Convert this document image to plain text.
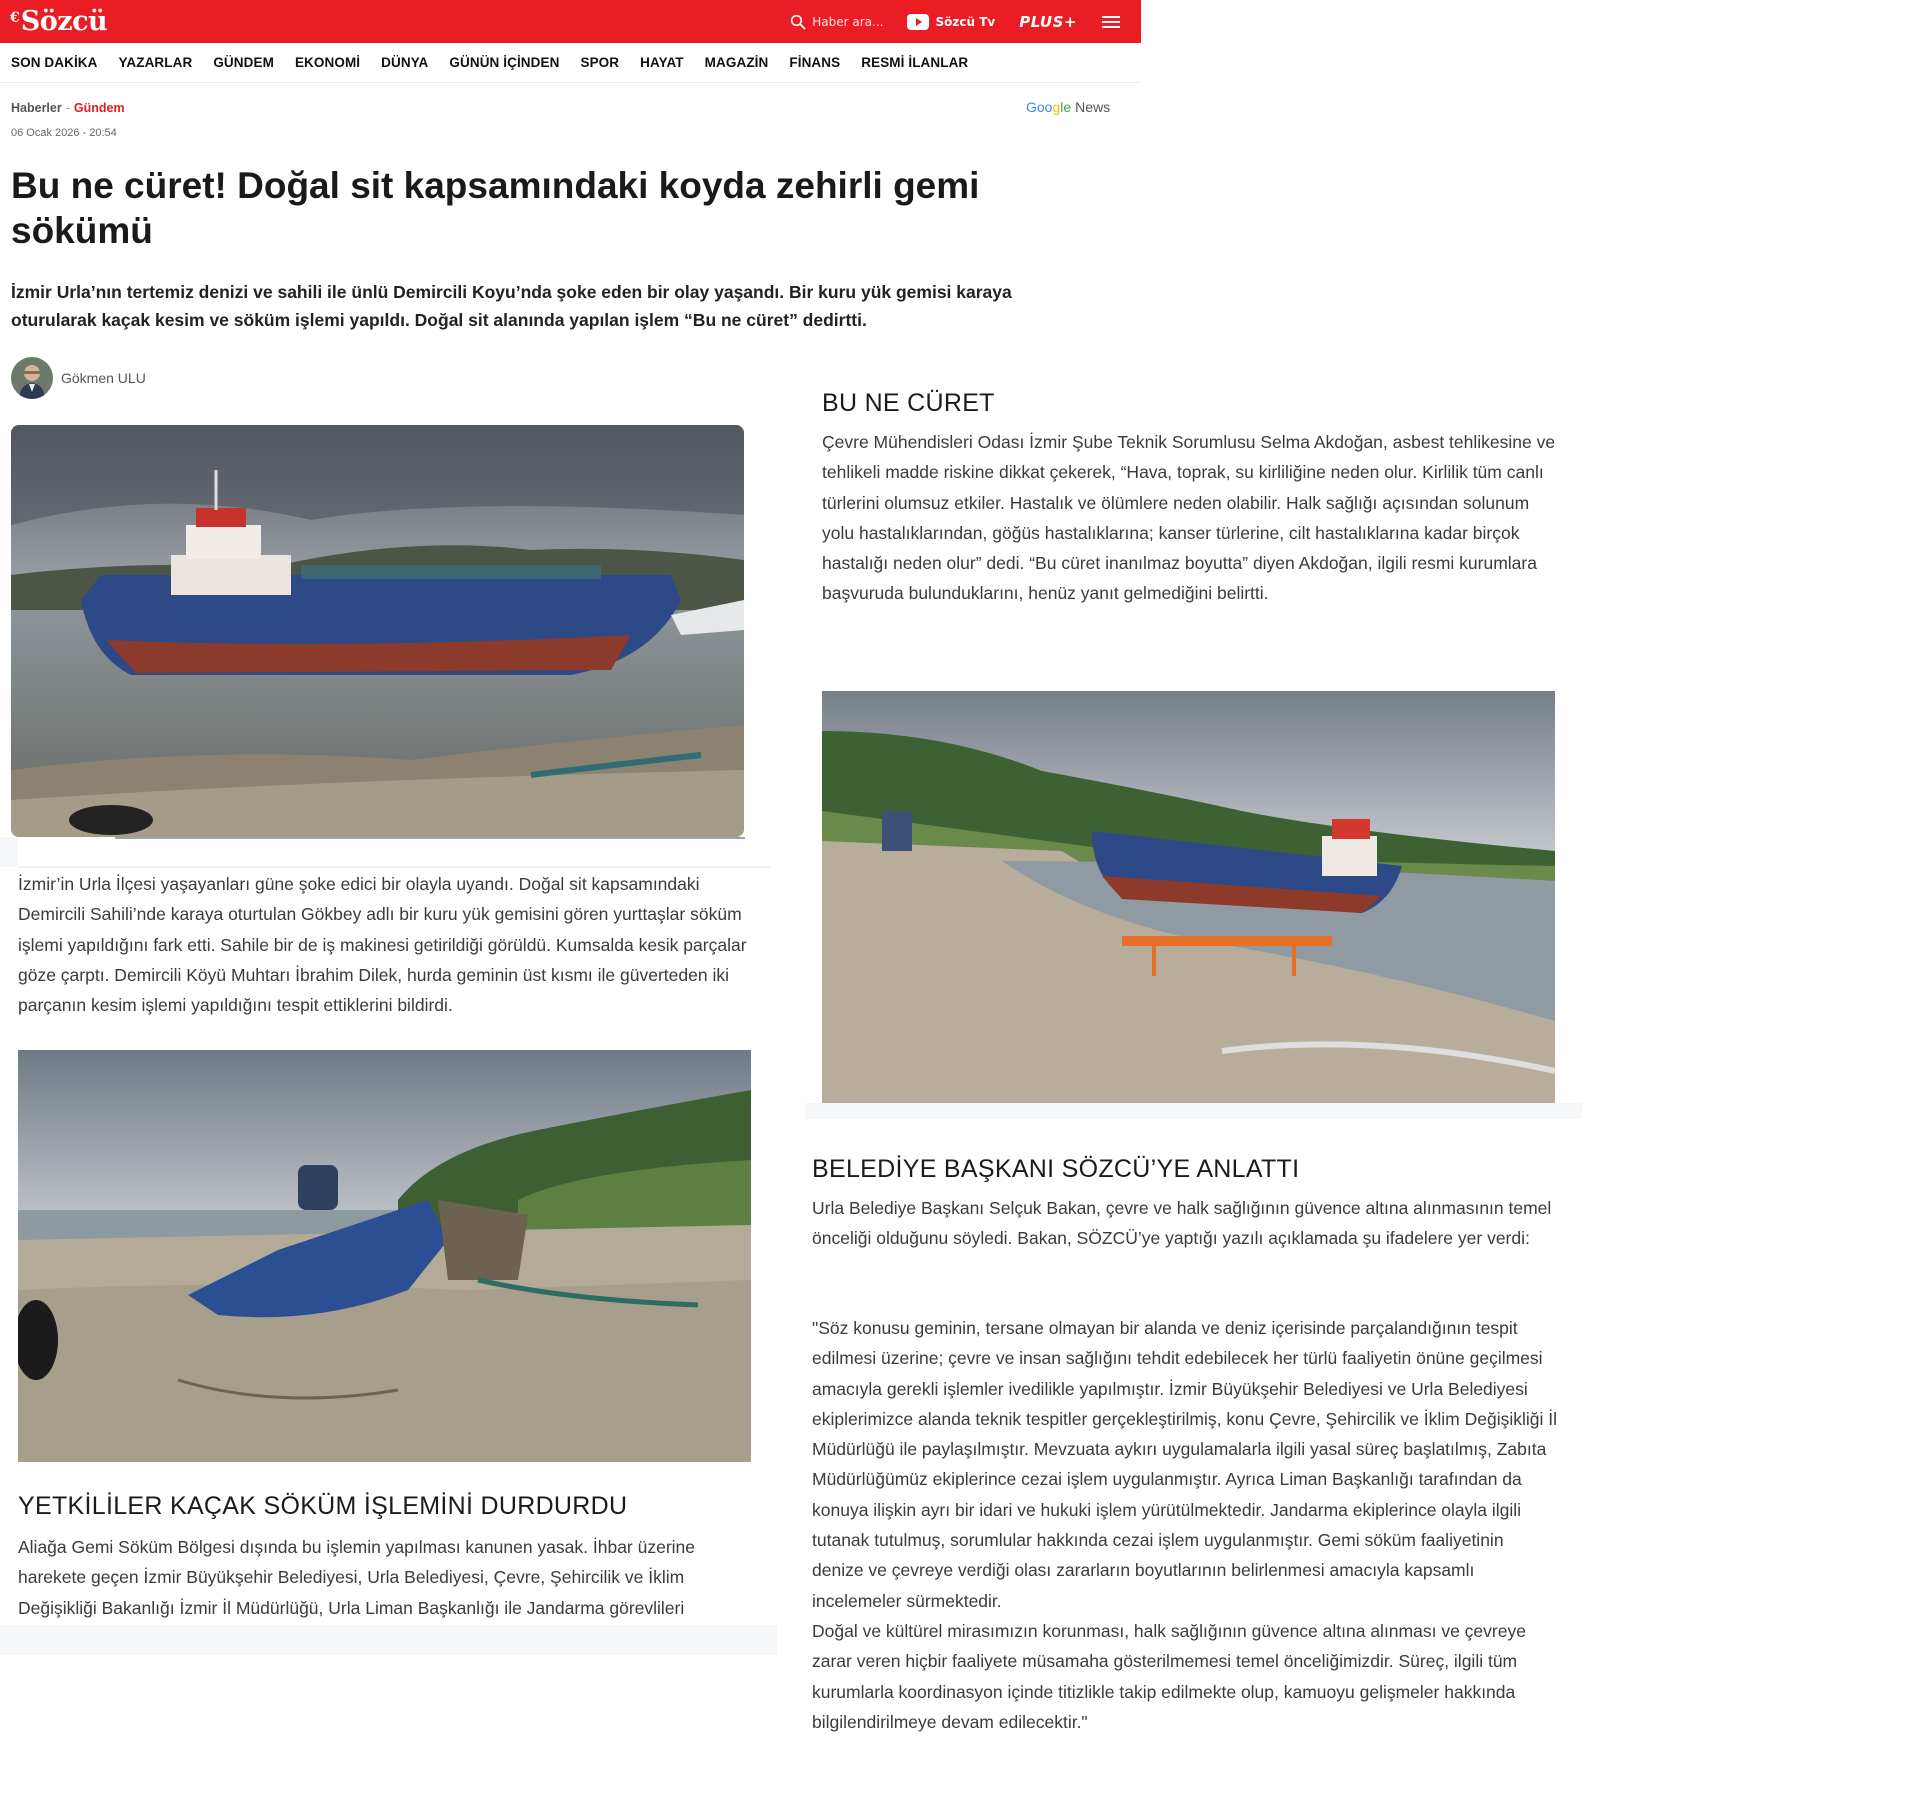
€ Sözcü	Haber ara...	Sözcü Tv PLUS+
SON DAKİKA YAZARLAR GÜNDEM EKONOMİ DÜNYA GÜNÜN İÇİNDEN SPOR HAYAT MAGAZİN FİNANS RESMİ İLANLAR
Haberler - Gündem
06 Ocak 2026 - 20:54
Google News
Bu ne cüret! Doğal sit kapsamındaki koyda zehirli gemi sökümü

İzmir Urla’nın tertemiz denizi ve sahili ile ünlü Demircili Koyu’nda şoke eden bir olay yaşandı. Bir kuru yük gemisi karaya oturularak kaçak kesim ve söküm işlemi yapıldı. Doğal sit alanında yapılan işlem “Bu ne cüret” dedirtti.

Gökmen ULU

İzmir’in Urla İlçesi yaşayanları güne şoke edici bir olayla uyandı. Doğal sit kapsamındaki Demircili Sahili’nde karaya oturtulan Gökbey adlı bir kuru yük gemisini gören yurttaşlar söküm işlemi yapıldığını fark etti. Sahile bir de iş makinesi getirildiği görüldü. Kumsalda kesik parçalar göze çarptı. Demircili Köyü Muhtarı İbrahim Dilek, hurda geminin üst kısmı ile güverteden iki parçanın kesim işlemi yapıldığını tespit ettiklerini bildirdi.

YETKİLİLER KAÇAK SÖKÜM İŞLEMİNİ DURDURDU

Aliağa Gemi Söküm Bölgesi dışında bu işlemin yapılması kanunen yasak. İhbar üzerine harekete geçen İzmir Büyükşehir Belediyesi, Urla Belediyesi, Çevre, Şehircilik ve İklim Değişikliği Bakanlığı İzmir İl Müdürlüğü, Urla Liman Başkanlığı ile Jandarma görevlileri

BU NE CÜRET

Çevre Mühendisleri Odası İzmir Şube Teknik Sorumlusu Selma Akdoğan, asbest tehlikesine ve tehlikeli madde riskine dikkat çekerek, “Hava, toprak, su kirliliğine neden olur. Kirlilik tüm canlı türlerini olumsuz etkiler. Hastalık ve ölümlere neden olabilir. Halk sağlığı açısından solunum yolu hastalıklarından, göğüs hastalıklarına; kanser türlerine, cilt hastalıklarına kadar birçok hastalığı neden olur” dedi. “Bu cüret inanılmaz boyutta” diyen Akdoğan, ilgili resmi kurumlara başvuruda bulunduklarını, henüz yanıt gelmediğini belirtti.

BELEDİYE BAŞKANI SÖZCÜ’YE ANLATTI

Urla Belediye Başkanı Selçuk Bakan, çevre ve halk sağlığının güvence altına alınmasının temel önceliği olduğunu söyledi. Bakan, SÖZCÜ’ye yaptığı yazılı açıklamada şu ifadelere yer verdi:

"Söz konusu geminin, tersane olmayan bir alanda ve deniz içerisinde parçalandığının tespit edilmesi üzerine; çevre ve insan sağlığını tehdit edebilecek her türlü faaliyetin önüne geçilmesi amacıyla gerekli işlemler ivedilikle yapılmıştır. İzmir Büyükşehir Belediyesi ve Urla Belediyesi ekiplerimizce alanda teknik tespitler gerçekleştirilmiş, konu Çevre, Şehircilik ve İklim Değişikliği İl Müdürlüğü ile paylaşılmıştır. Mevzuata aykırı uygulamalarla ilgili yasal süreç başlatılmış, Zabıta Müdürlüğümüz ekiplerince cezai işlem uygulanmıştır. Ayrıca Liman Başkanlığı tarafından da konuya ilişkin ayrı bir idari ve hukuki işlem yürütülmektedir. Jandarma ekiplerince olayla ilgili tutanak tutulmuş, sorumlular hakkında cezai işlem uygulanmıştır. Gemi söküm faaliyetinin denize ve çevreye verdiği olası zararların boyutlarının belirlenmesi amacıyla kapsamlı incelemeler sürmektedir.
Doğal ve kültürel mirasımızın korunması, halk sağlığının güvence altına alınması ve çevreye zarar veren hiçbir faaliyete müsamaha gösterilmemesi temel önceliğimizdir. Süreç, ilgili tüm kurumlarla koordinasyon içinde titizlikle takip edilmekte olup, kamuoyu gelişmeler hakkında bilgilendirilmeye devam edilecektir."
